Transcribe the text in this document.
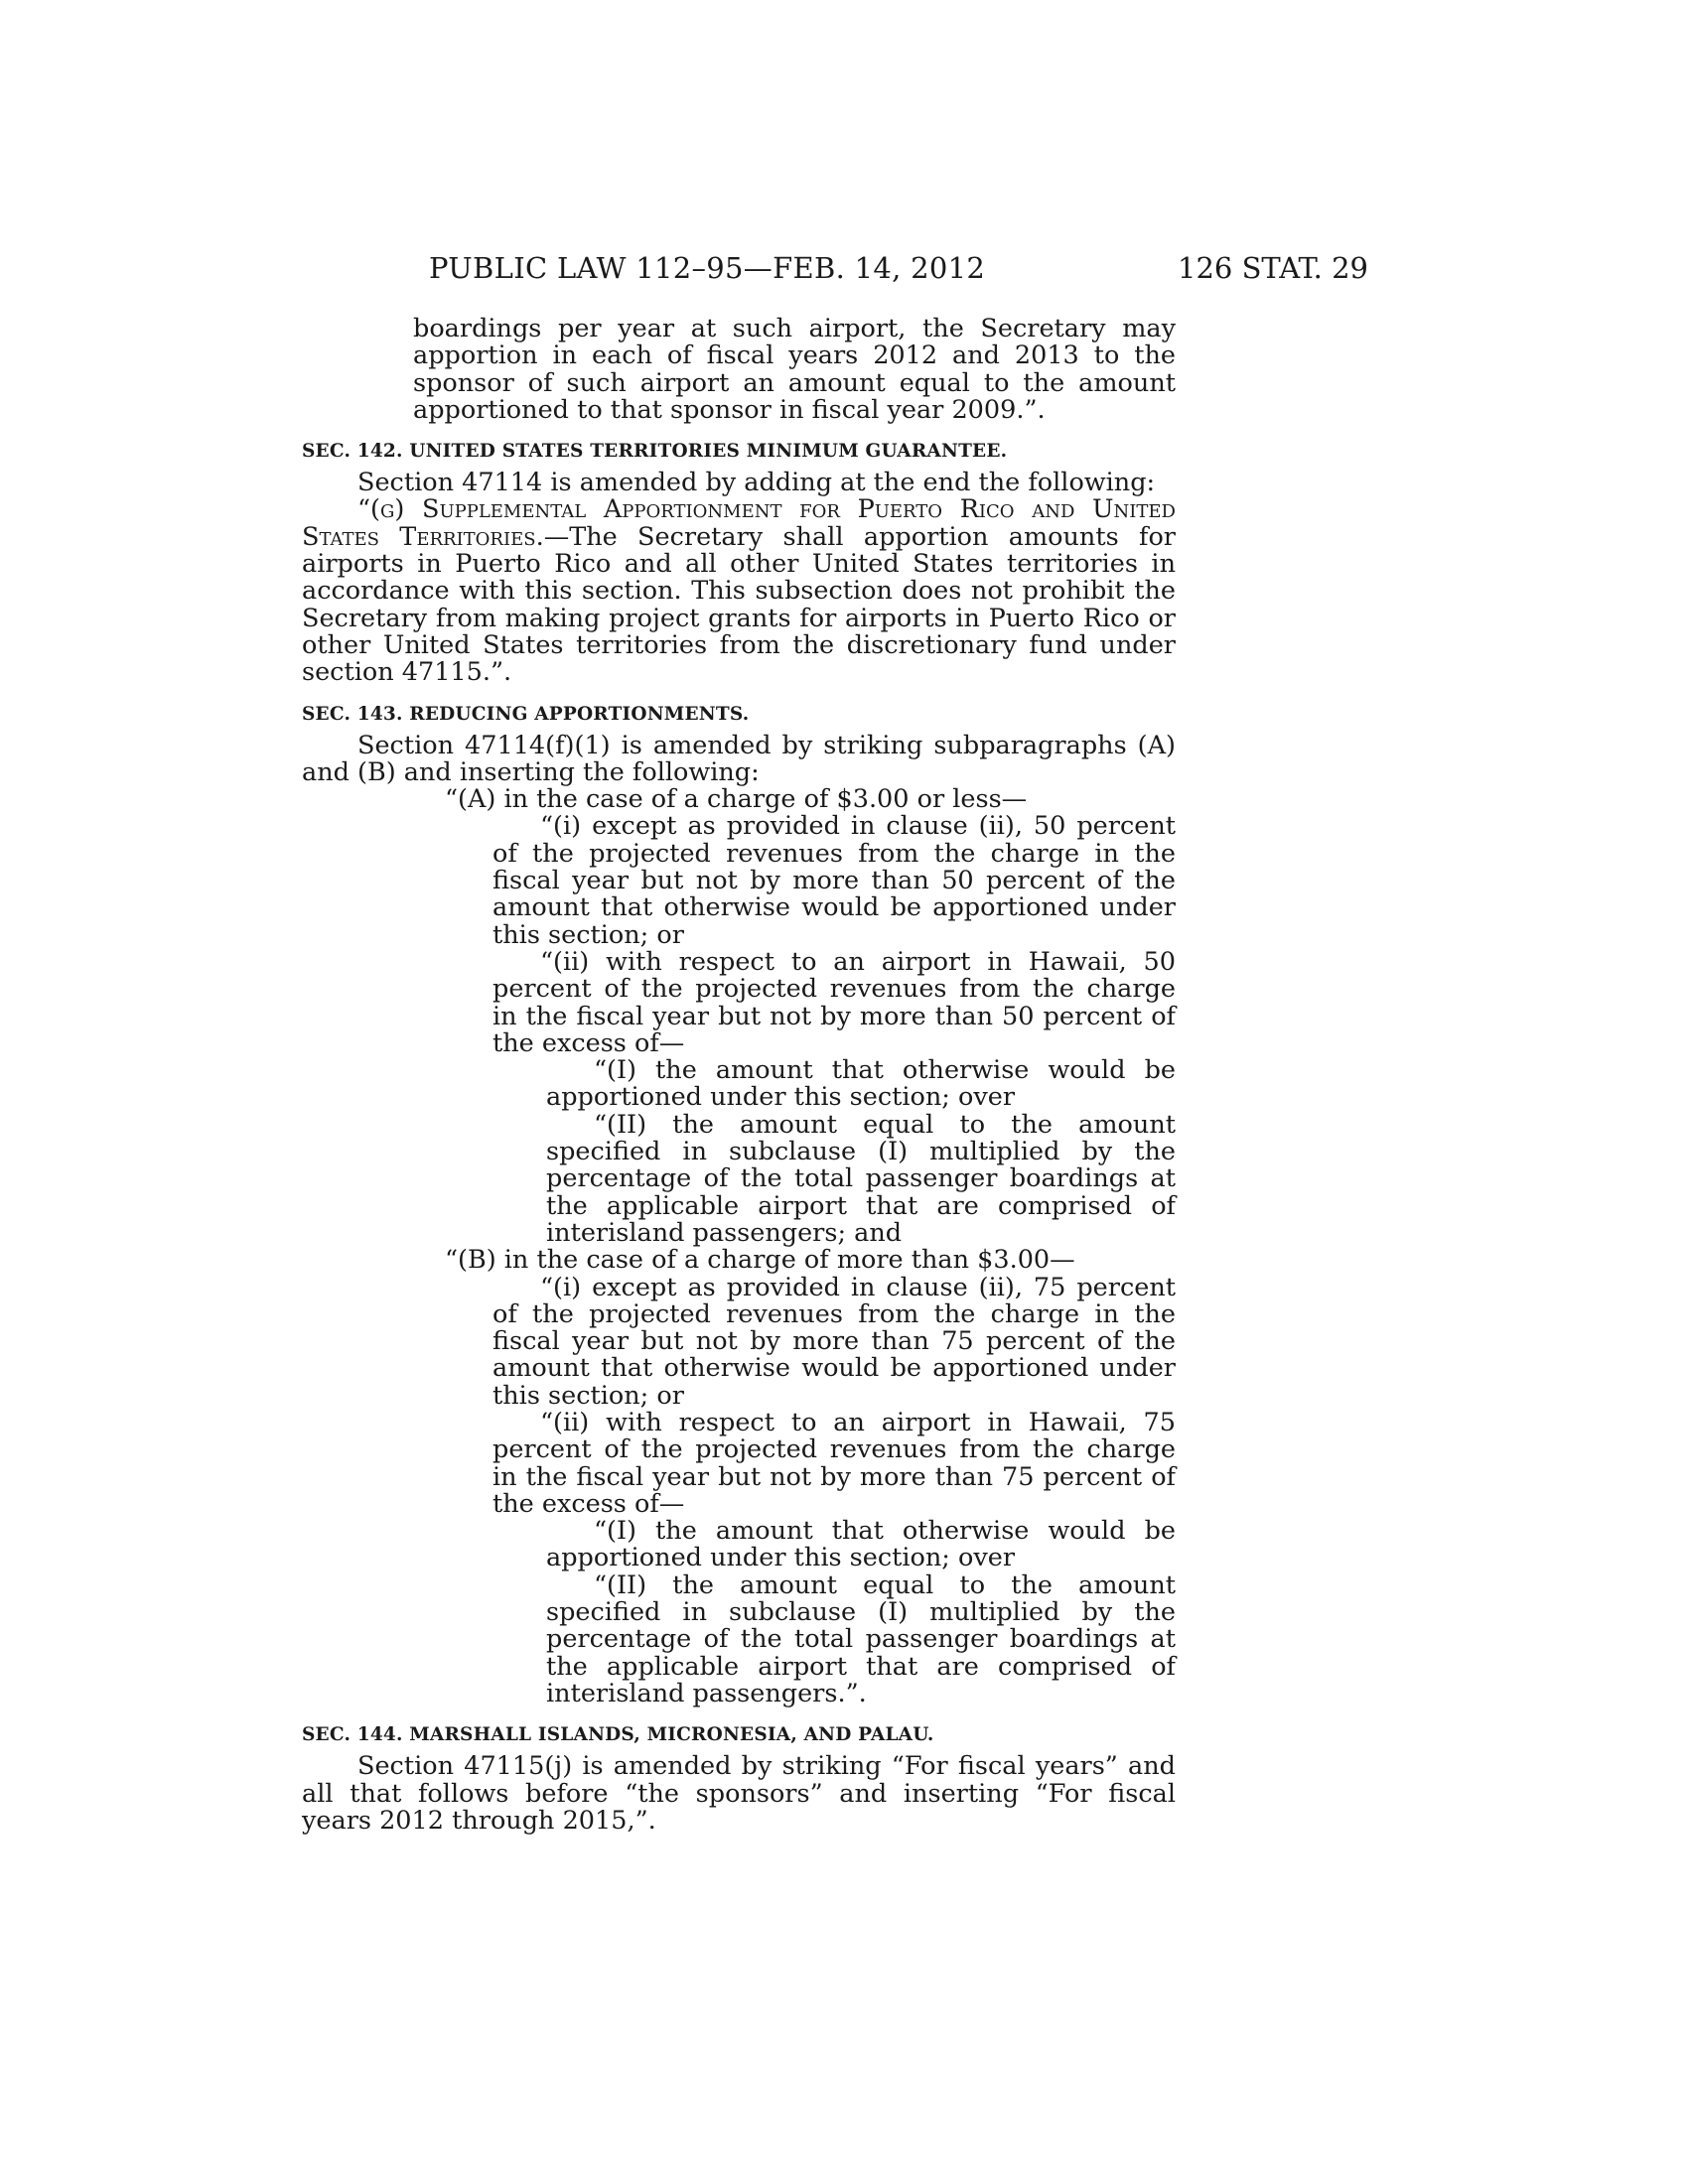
PUBLIC LAW 112–95—FEB. 14, 2012	126 STAT. 29

boardings per year at such airport, the Secretary may apportion in each of fiscal years 2012 and 2013 to the sponsor of such airport an amount equal to the amount apportioned to that sponsor in fiscal year 2009.”.

SEC. 142. UNITED STATES TERRITORIES MINIMUM GUARANTEE.

Section 47114 is amended by adding at the end the following:

“(g) Supplemental Apportionment for Puerto Rico and United States Territories.—The Secretary shall apportion amounts for airports in Puerto Rico and all other United States territories in accordance with this section. This subsection does not prohibit the Secretary from making project grants for airports in Puerto Rico or other United States territories from the discretionary fund under section 47115.”.

SEC. 143. REDUCING APPORTIONMENTS.

Section 47114(f)(1) is amended by striking subparagraphs (A) and (B) and inserting the following:

“(A) in the case of a charge of $3.00 or less—

“(i) except as provided in clause (ii), 50 percent of the projected revenues from the charge in the fiscal year but not by more than 50 percent of the amount that otherwise would be apportioned under this section; or

“(ii) with respect to an airport in Hawaii, 50 percent of the projected revenues from the charge in the fiscal year but not by more than 50 percent of the excess of—

“(I) the amount that otherwise would be apportioned under this section; over

“(II) the amount equal to the amount specified in subclause (I) multiplied by the percentage of the total passenger boardings at the applicable airport that are comprised of interisland passengers; and

“(B) in the case of a charge of more than $3.00—

“(i) except as provided in clause (ii), 75 percent of the projected revenues from the charge in the fiscal year but not by more than 75 percent of the amount that otherwise would be apportioned under this section; or

“(ii) with respect to an airport in Hawaii, 75 percent of the projected revenues from the charge in the fiscal year but not by more than 75 percent of the excess of—

“(I) the amount that otherwise would be apportioned under this section; over

“(II) the amount equal to the amount specified in subclause (I) multiplied by the percentage of the total passenger boardings at the applicable airport that are comprised of interisland passengers.”.

SEC. 144. MARSHALL ISLANDS, MICRONESIA, AND PALAU.

Section 47115(j) is amended by striking “For fiscal years” and all that follows before “the sponsors” and inserting “For fiscal years 2012 through 2015,”.
